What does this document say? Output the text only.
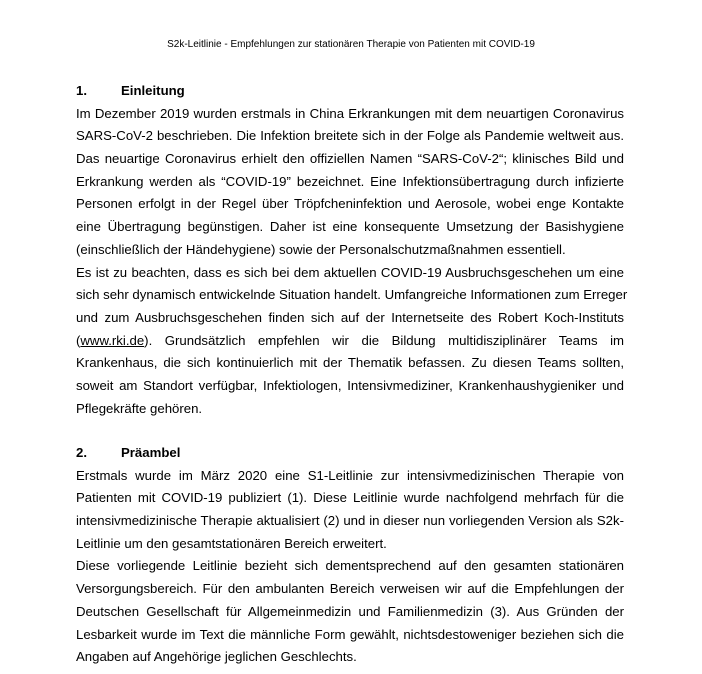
S2k-Leitlinie - Empfehlungen zur stationären Therapie von Patienten mit COVID-19
1.	Einleitung
Im Dezember 2019 wurden erstmals in China Erkrankungen mit dem neuartigen Coronavirus
SARS-CoV-2 beschrieben. Die Infektion breitete sich in der Folge als Pandemie weltweit aus.
Das neuartige Coronavirus erhielt den offiziellen Namen “SARS-CoV-2“; klinisches Bild und
Erkrankung werden als “COVID-19” bezeichnet. Eine Infektionsübertragung durch infizierte
Personen erfolgt in der Regel über Tröpfcheninfektion und Aerosole, wobei enge Kontakte
eine Übertragung begünstigen. Daher ist eine konsequente Umsetzung der Basishygiene
(einschließlich der Händehygiene) sowie der Personalschutzmaßnahmen essentiell.
Es ist zu beachten, dass es sich bei dem aktuellen COVID-19 Ausbruchsgeschehen um eine
sich sehr dynamisch entwickelnde Situation handelt. Umfangreiche Informationen zum Erreger
und zum Ausbruchsgeschehen finden sich auf der Internetseite des Robert Koch-Instituts
(www.rki.de). Grundsätzlich empfehlen wir die Bildung multidisziplinärer Teams im
Krankenhaus, die sich kontinuierlich mit der Thematik befassen. Zu diesen Teams sollten,
soweit am Standort verfügbar, Infektiologen, Intensivmediziner, Krankenhaushygieniker und
Pflegekräfte gehören.
2.	Präambel
Erstmals wurde im März 2020 eine S1-Leitlinie zur intensivmedizinischen Therapie von
Patienten mit COVID-19 publiziert (1). Diese Leitlinie wurde nachfolgend mehrfach für die
intensivmedizinische Therapie aktualisiert (2) und in dieser nun vorliegenden Version als S2k-
Leitlinie um den gesamtstationären Bereich erweitert.
Diese vorliegende Leitlinie bezieht sich dementsprechend auf den gesamten stationären
Versorgungsbereich. Für den ambulanten Bereich verweisen wir auf die Empfehlungen der
Deutschen Gesellschaft für Allgemeinmedizin und Familienmedizin (3). Aus Gründen der
Lesbarkeit wurde im Text die männliche Form gewählt, nichtsdestoweniger beziehen sich die
Angaben auf Angehörige jeglichen Geschlechts.
